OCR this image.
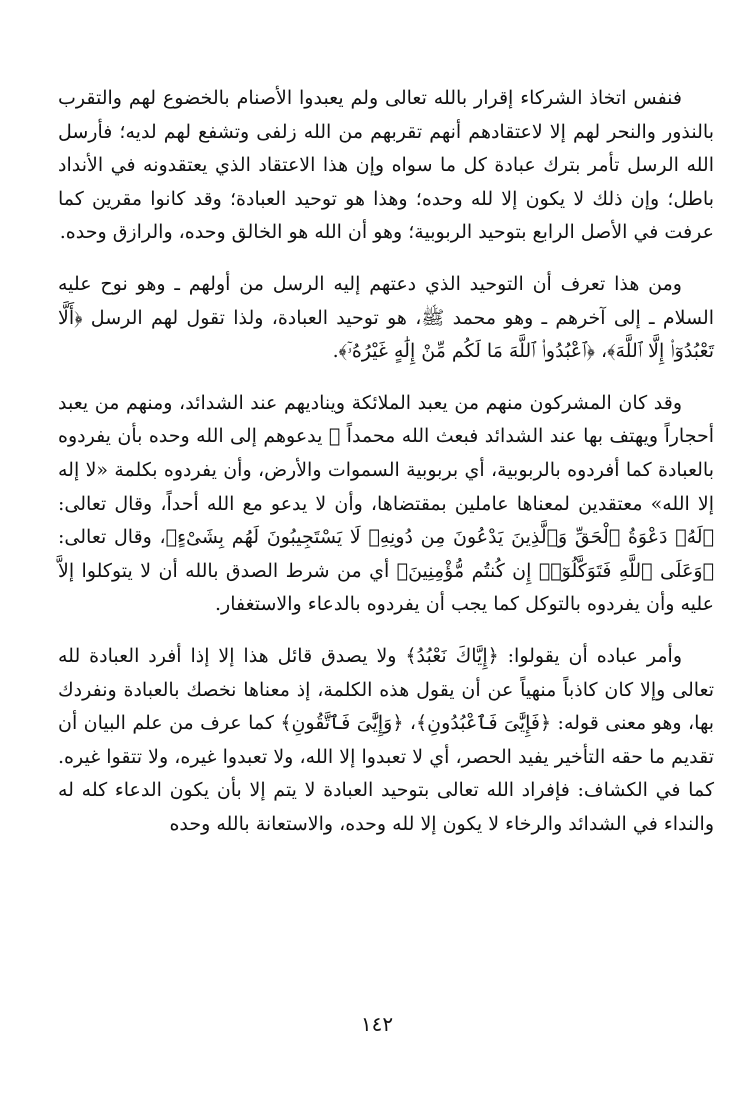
فنفس اتخاذ الشركاء إقرار بالله تعالى ولم يعبدوا الأصنام بالخضوع لهم والتقرب بالنذور والنحر لهم إلا لاعتقادهم أنهم تقربهم من الله زلفى وتشفع لهم لديه؛ فأرسل الله الرسل تأمر بترك عبادة كل ما سواه وإن هذا الاعتقاد الذي يعتقدونه في الأنداد باطل؛ وإن ذلك لا يكون إلا لله وحده؛ وهذا هو توحيد العبادة؛ وقد كانوا مقرين كما عرفت في الأصل الرابع بتوحيد الربوبية؛ وهو أن الله هو الخالق وحده، والرازق وحده.

ومن هذا تعرف أن التوحيد الذي دعتهم إليه الرسل من أولهم ـ وهو نوح عليه السلام ـ إلى آخرهم ـ وهو محمد ﷺ، هو توحيد العبادة، ولذا تقول لهم الرسل ﴿أَلَّا تَعْبُدُوٓا۟ إِلَّا ٱللَّهَ﴾، ﴿ٱعْبُدُوا۟ ٱللَّهَ مَا لَكُم مِّنْ إِلَٰهٍ غَيْرُهُۥٓ﴾.

وقد كان المشركون منهم من يعبد الملائكة ويناديهم عند الشدائد، ومنهم من يعبد أحجاراً ويهتف بها عند الشدائد فبعث الله محمداً ﷺ يدعوهم إلى الله وحده بأن يفردوه بالعبادة كما أفردوه بالربوبية، أي بربوبية السموات والأرض، وأن يفردوه بكلمة «لا إله إلا الله» معتقدين لمعناها عاملين بمقتضاها، وأن لا يدعو مع الله أحداً، وقال تعالى: ﴿لَهُۥ دَعْوَةُ ٱلْحَقِّ وَٱلَّذِينَ يَدْعُونَ مِن دُونِهِۦ لَا يَسْتَجِيبُونَ لَهُم بِشَىْءٍ﴾، وقال تعالى: ﴿وَعَلَى ٱللَّهِ فَتَوَكَّلُوٓا۟ إِن كُنتُم مُّؤْمِنِينَ﴾ أي من شرط الصدق بالله أن لا يتوكلوا إلاَّ عليه وأن يفردوه بالتوكل كما يجب أن يفردوه بالدعاء والاستغفار.

وأمر عباده أن يقولوا: ﴿إِيَّاكَ نَعْبُدُ﴾ ولا يصدق قائل هذا إلا إذا أفرد العبادة لله تعالى وإلا كان كاذباً منهياً عن أن يقول هذه الكلمة، إذ معناها نخصك بالعبادة ونفردك بها، وهو معنى قوله: ﴿فَإِيَّٰىَ فَٱعْبُدُونِ﴾، ﴿وَإِيَّٰىَ فَٱتَّقُونِ﴾ كما عرف من علم البيان أن تقديم ما حقه التأخير يفيد الحصر، أي لا تعبدوا إلا الله، ولا تعبدوا غيره، ولا تتقوا غيره. كما في الكشاف: فإفراد الله تعالى بتوحيد العبادة لا يتم إلا بأن يكون الدعاء كله له والنداء في الشدائد والرخاء لا يكون إلا لله وحده، والاستعانة بالله وحده

١٤٢
